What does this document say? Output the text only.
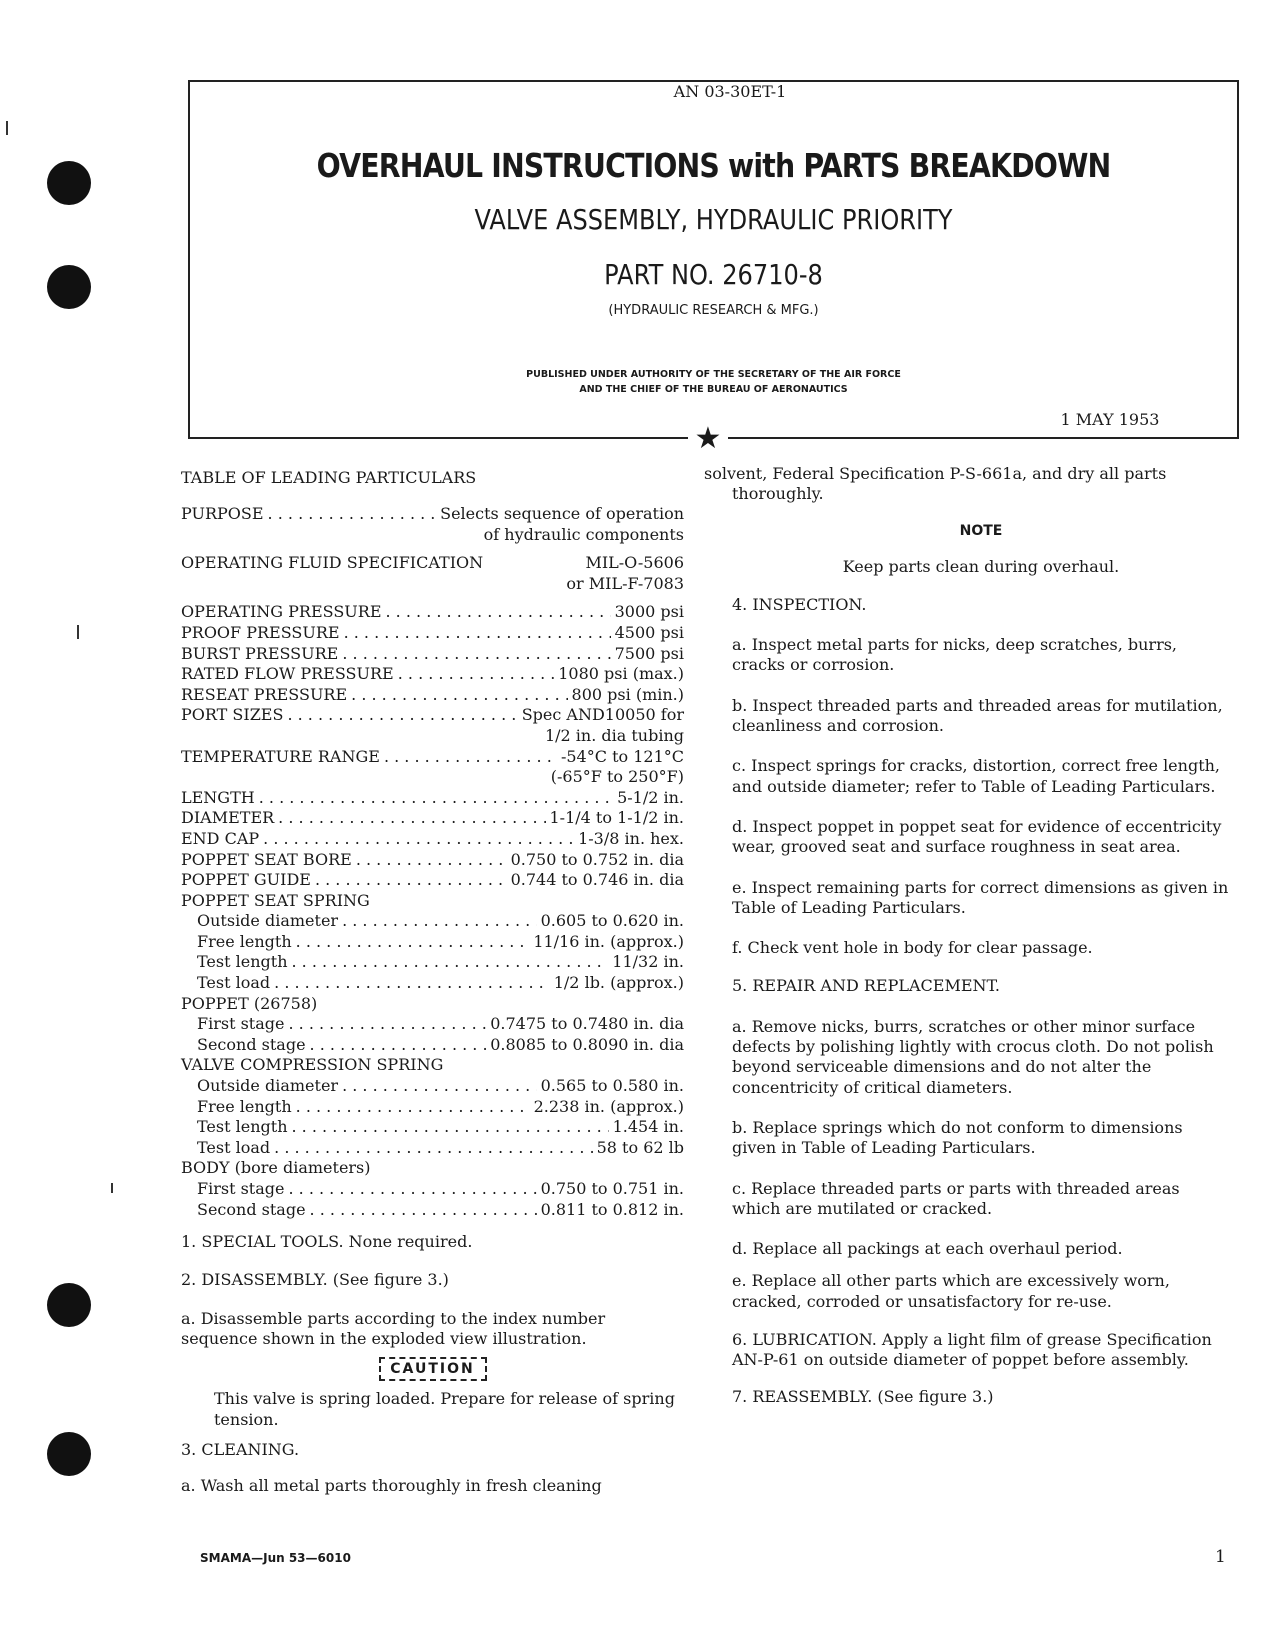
AN 03-30ET-1
OVERHAUL INSTRUCTIONS with PARTS BREAKDOWN
VALVE ASSEMBLY, HYDRAULIC PRIORITY
PART NO. 26710-8
(HYDRAULIC RESEARCH & MFG.)
PUBLISHED UNDER AUTHORITY OF THE SECRETARY OF THE AIR FORCE
AND THE CHIEF OF THE BUREAU OF AERONAUTICS
1 MAY 1953
★
TABLE OF LEADING PARTICULARS
PURPOSE . . .	Selects sequence of operation
of hydraulic components
OPERATING FLUID SPECIFICATION	MIL-O-5606
or MIL-F-7083
OPERATING PRESSURE . . .	3000 psi
PROOF PRESSURE . . .	4500 psi
BURST PRESSURE . . .	7500 psi
RATED FLOW PRESSURE . . .	1080 psi (max.)
RESEAT PRESSURE . . .	800 psi (min.)
PORT SIZES . . .	Spec AND10050 for
1/2 in. dia tubing
TEMPERATURE RANGE . . .	-54°C to 121°C
(-65°F to 250°F)
LENGTH . . .	5-1/2 in.
DIAMETER . . .	1-1/4 to 1-1/2 in.
END CAP . . .	1-3/8 in. hex.
POPPET SEAT BORE . . .	0.750 to 0.752 in. dia
POPPET GUIDE . . .	0.744 to 0.746 in. dia
POPPET SEAT SPRING
Outside diameter . . .	0.605 to 0.620 in.
Free length . . .	11/16 in. (approx.)
Test length . . .	11/32 in.
Test load . . .	1/2 lb. (approx.)
POPPET (26758)
First stage . . .	0.7475 to 0.7480 in. dia
Second stage . . .	0.8085 to 0.8090 in. dia
VALVE COMPRESSION SPRING
Outside diameter . . .	0.565 to 0.580 in.
Free length . . .	2.238 in. (approx.)
Test length . . .	1.454 in.
Test load . . .	58 to 62 lb
BODY (bore diameters)
First stage . . .	0.750 to 0.751 in.
Second stage . . .	0.811 to 0.812 in.

1. SPECIAL TOOLS. None required.

2. DISASSEMBLY. (See figure 3.)

a. Disassemble parts according to the index number sequence shown in the exploded view illustration.

CAUTION

This valve is spring loaded. Prepare for release of spring tension.

3. CLEANING.

a. Wash all metal parts thoroughly in fresh cleaning

solvent, Federal Specification P-S-661a, and dry all parts thoroughly.

NOTE

Keep parts clean during overhaul.

4. INSPECTION.

a. Inspect metal parts for nicks, deep scratches, burrs, cracks or corrosion.

b. Inspect threaded parts and threaded areas for mutilation, cleanliness and corrosion.

c. Inspect springs for cracks, distortion, correct free length, and outside diameter; refer to Table of Leading Particulars.

d. Inspect poppet in poppet seat for evidence of eccentricity wear, grooved seat and surface roughness in seat area.

e. Inspect remaining parts for correct dimensions as given in Table of Leading Particulars.

f. Check vent hole in body for clear passage.

5. REPAIR AND REPLACEMENT.

a. Remove nicks, burrs, scratches or other minor surface defects by polishing lightly with crocus cloth. Do not polish beyond serviceable dimensions and do not alter the concentricity of critical diameters.

b. Replace springs which do not conform to dimensions given in Table of Leading Particulars.

c. Replace threaded parts or parts with threaded areas which are mutilated or cracked.

d. Replace all packings at each overhaul period.

e. Replace all other parts which are excessively worn, cracked, corroded or unsatisfactory for re-use.

6. LUBRICATION. Apply a light film of grease Specification AN-P-61 on outside diameter of poppet before assembly.

7. REASSEMBLY. (See figure 3.)

SMAMA—Jun 53—6010	1
